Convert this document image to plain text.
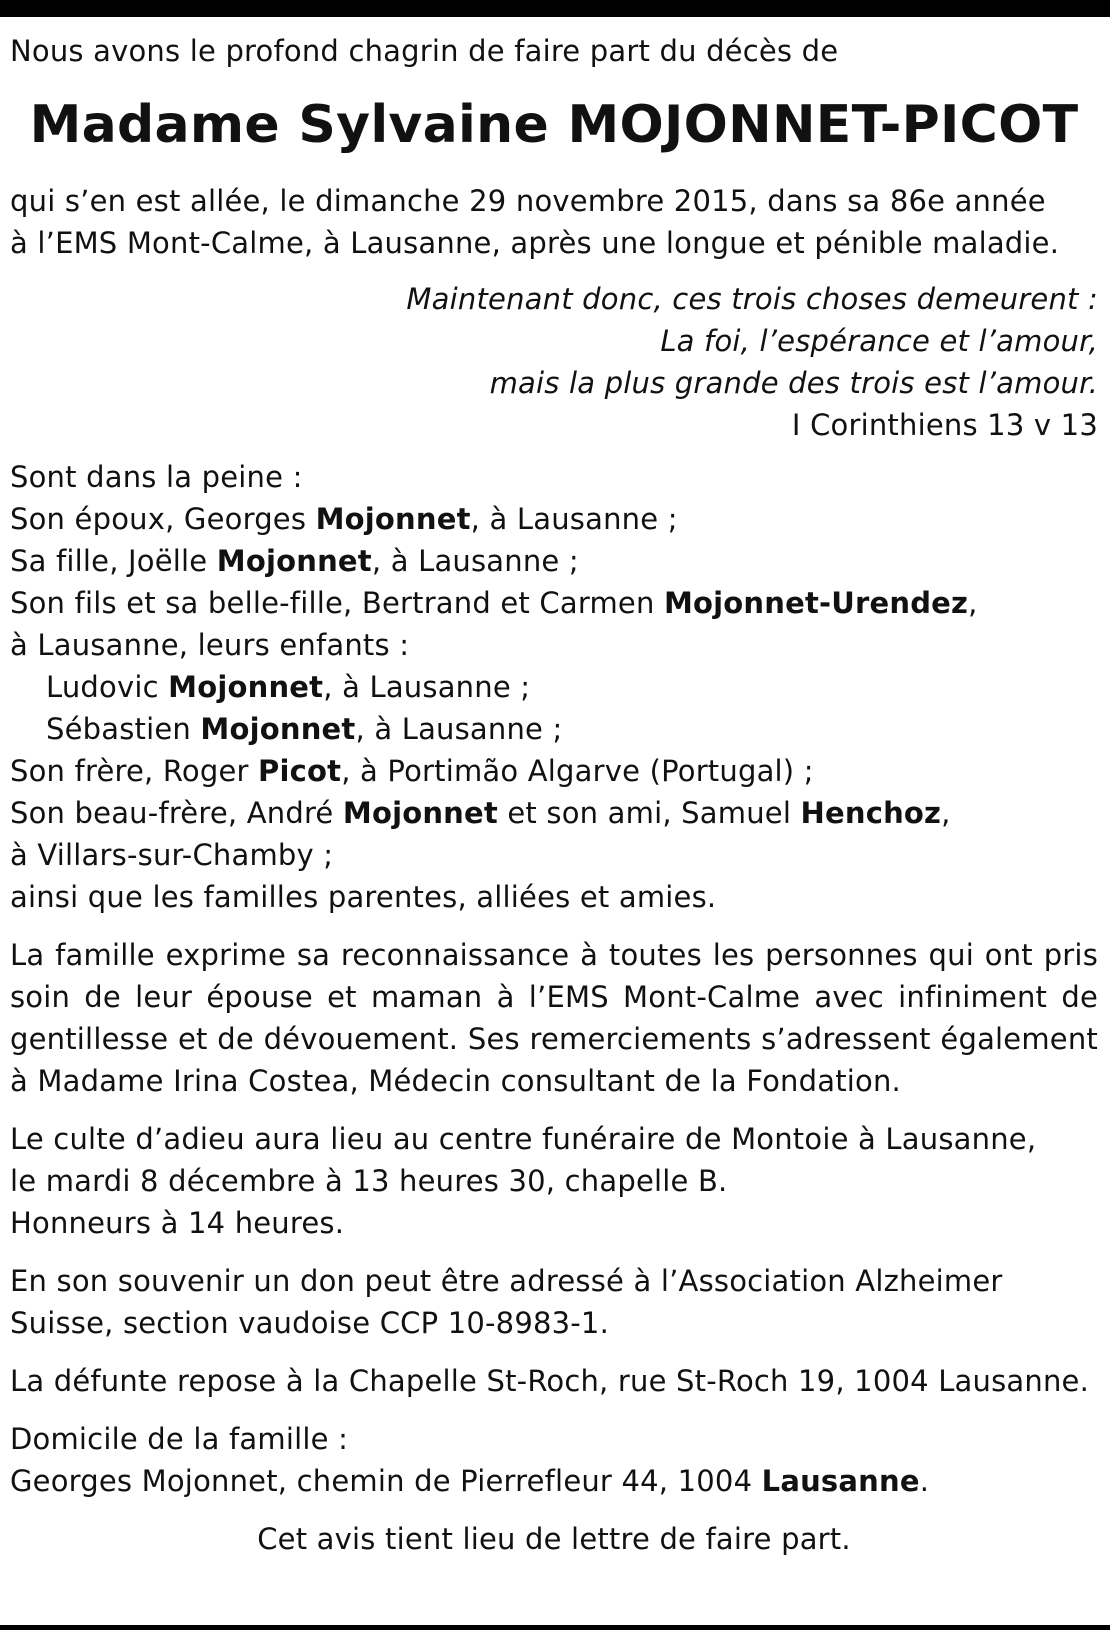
Nous avons le profond chagrin de faire part du décès de

Madame Sylvaine MOJONNET-PICOT

qui s’en est allée, le dimanche 29 novembre 2015, dans sa 86e année
à l’EMS Mont-Calme, à Lausanne, après une longue et pénible maladie.

Maintenant donc, ces trois choses demeurent :
La foi, l’espérance et l’amour,
mais la plus grande des trois est l’amour.
I Corinthiens 13 v 13
Sont dans la peine :
Son époux, Georges Mojonnet, à Lausanne ;
Sa fille, Joëlle Mojonnet, à Lausanne ;
Son fils et sa belle-fille, Bertrand et Carmen Mojonnet-Urendez,
à Lausanne, leurs enfants :
Ludovic Mojonnet, à Lausanne ;
Sébastien Mojonnet, à Lausanne ;
Son frère, Roger Picot, à Portimão Algarve (Portugal) ;
Son beau-frère, André Mojonnet et son ami, Samuel Henchoz,
à Villars-sur-Chamby ;
ainsi que les familles parentes, alliées et amies.

La famille exprime sa reconnaissance à toutes les personnes qui ont pris soin de leur épouse et maman à l’EMS Mont-Calme avec infiniment de gentillesse et de dévouement. Ses remerciements s’adressent également à Madame Irina Costea, Médecin consultant de la Fondation.

Le culte d’adieu aura lieu au centre funéraire de Montoie à Lausanne,
le mardi 8 décembre à 13 heures 30, chapelle B.
Honneurs à 14 heures.

En son souvenir un don peut être adressé à l’Association Alzheimer
Suisse, section vaudoise CCP 10-8983-1.

La défunte repose à la Chapelle St-Roch, rue St-Roch 19, 1004 Lausanne.

Domicile de la famille :
Georges Mojonnet, chemin de Pierrefleur 44, 1004 Lausanne.

Cet avis tient lieu de lettre de faire part.
